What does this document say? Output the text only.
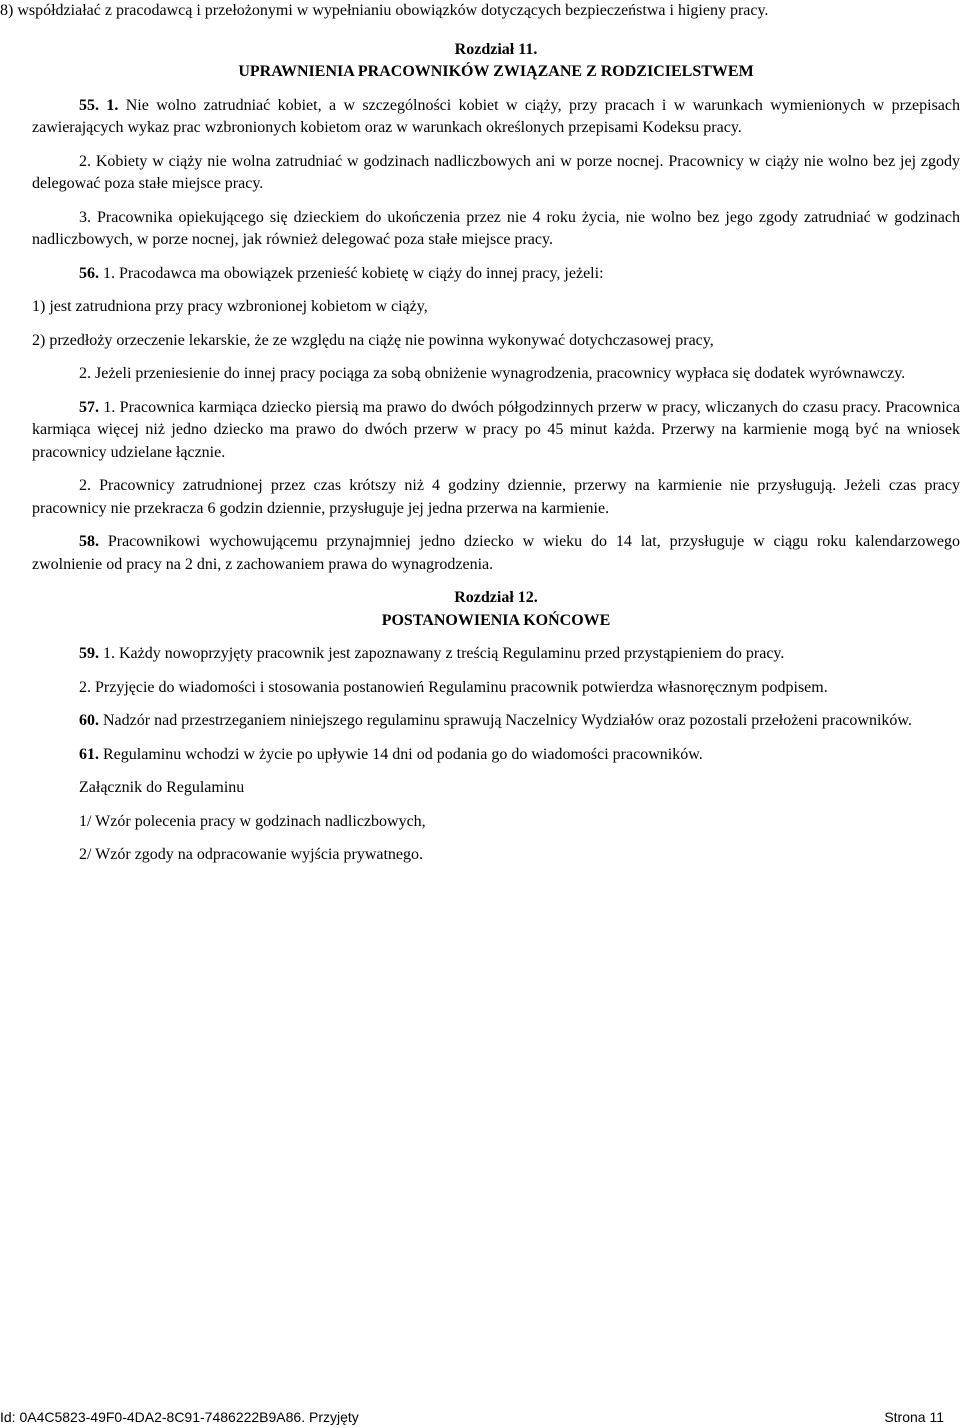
8) współdziałać z pracodawcą i przełożonymi w wypełnianiu obowiązków dotyczących bezpieczeństwa i higieny pracy.

Rozdział 11.

UPRAWNIENIA PRACOWNIKÓW ZWIĄZANE Z RODZICIELSTWEM

55. 1. Nie wolno zatrudniać kobiet, a w szczególności kobiet w ciąży, przy pracach i w warunkach wymienionych w przepisach zawierających wykaz prac wzbronionych kobietom oraz w warunkach określonych przepisami Kodeksu pracy.

2. Kobiety w ciąży nie wolna zatrudniać w godzinach nadliczbowych ani w porze nocnej. Pracownicy w ciąży nie wolno bez jej zgody delegować poza stałe miejsce pracy.

3. Pracownika opiekującego się dzieckiem do ukończenia przez nie 4 roku życia, nie wolno bez jego zgody zatrudniać w godzinach nadliczbowych, w porze nocnej, jak również delegować poza stałe miejsce pracy.

56. 1. Pracodawca ma obowiązek przenieść kobietę w ciąży do innej pracy, jeżeli:

1) jest zatrudniona przy pracy wzbronionej kobietom w ciąży,

2) przedłoży orzeczenie lekarskie, że ze względu na ciążę nie powinna wykonywać dotychczasowej pracy,

2. Jeżeli przeniesienie do innej pracy pociąga za sobą obniżenie wynagrodzenia, pracownicy wypłaca się dodatek wyrównawczy.

57. 1. Pracownica karmiąca dziecko piersią ma prawo do dwóch półgodzinnych przerw w pracy, wliczanych do czasu pracy. Pracownica karmiąca więcej niż jedno dziecko ma prawo do dwóch przerw w pracy po 45 minut każda. Przerwy na karmienie mogą być na wniosek pracownicy udzielane łącznie.

2. Pracownicy zatrudnionej przez czas krótszy niż 4 godziny dziennie, przerwy na karmienie nie przysługują. Jeżeli czas pracy pracownicy nie przekracza 6 godzin dziennie, przysługuje jej jedna przerwa na karmienie.

58. Pracownikowi wychowującemu przynajmniej jedno dziecko w wieku do 14 lat, przysługuje w ciągu roku kalendarzowego zwolnienie od pracy na 2 dni, z zachowaniem prawa do wynagrodzenia.

Rozdział 12.

POSTANOWIENIA KOŃCOWE

59. 1. Każdy nowoprzyjęty pracownik jest zapoznawany z treścią Regulaminu przed przystąpieniem do pracy.

2. Przyjęcie do wiadomości i stosowania postanowień Regulaminu pracownik potwierdza własnoręcznym podpisem.

60. Nadzór nad przestrzeganiem niniejszego regulaminu sprawują Naczelnicy Wydziałów oraz pozostali przełożeni pracowników.

61. Regulaminu wchodzi w życie po upływie 14 dni od podania go do wiadomości pracowników.

Załącznik do Regulaminu

1/ Wzór polecenia pracy w godzinach nadliczbowych,

2/ Wzór zgody na odpracowanie wyjścia prywatnego.

Id: 0A4C5823-49F0-4DA2-8C91-7486222B9A86. Przyjęty	Strona 11
